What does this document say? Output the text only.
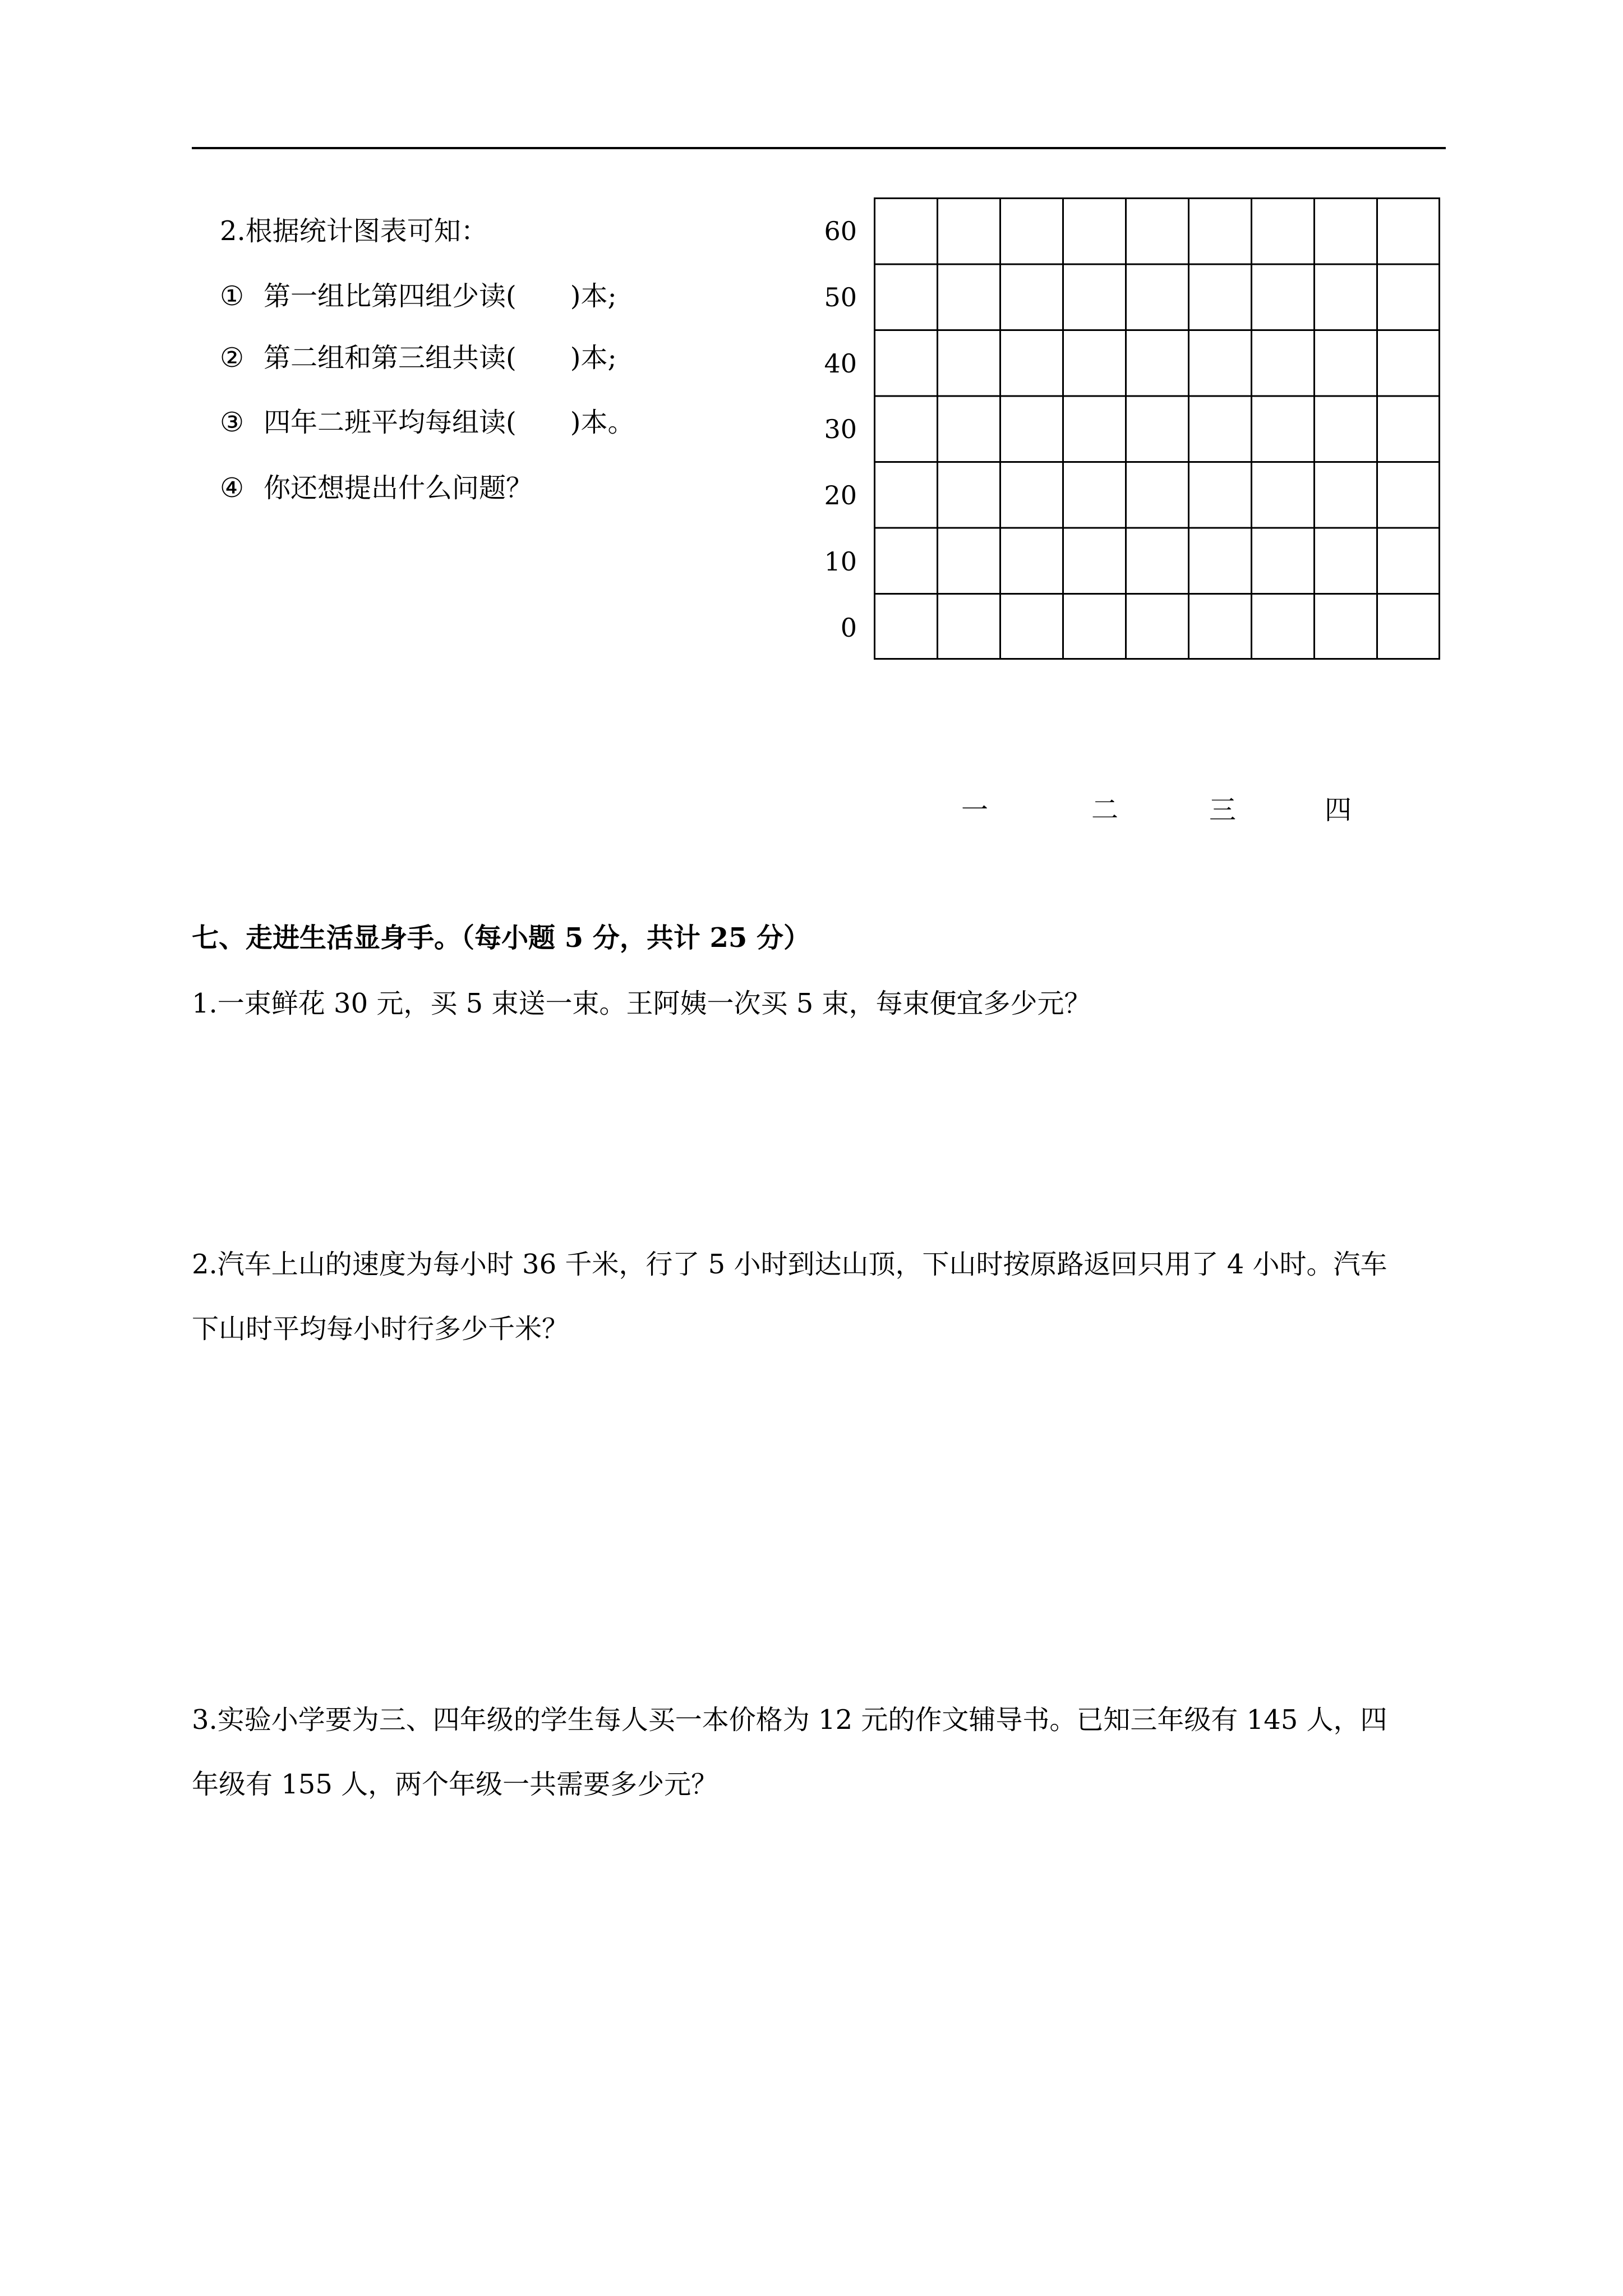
2.根据统计图表可知：
① 第一组比第四组少读(　　)本;
② 第二组和第三组共读(　　)本;
③ 四年二班平均每组读(　　)本。
④ 你还想提出什么问题？
60
50
40
30
20
10
0
一	二	三	四
七、走进生活显身手。（每小题 5 分，共计 25 分）
1.一束鲜花 30 元，买 5 束送一束。王阿姨一次买 5 束，每束便宜多少元？
2.汽车上山的速度为每小时 36 千米，行了 5 小时到达山顶，下山时按原路返回只用了 4 小时。汽车
下山时平均每小时行多少千米？
3.实验小学要为三、四年级的学生每人买一本价格为 12 元的作文辅导书。已知三年级有 145 人，四
年级有 155 人，两个年级一共需要多少元？
